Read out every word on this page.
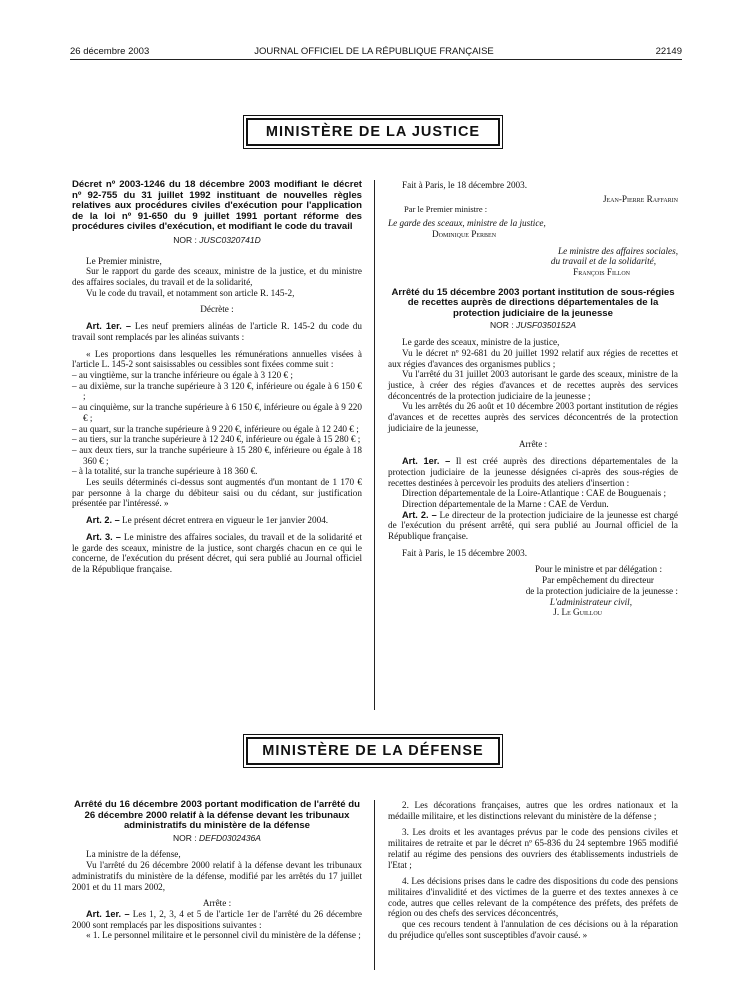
26 décembre 2003	JOURNAL OFFICIEL DE LA RÉPUBLIQUE FRANÇAISE	22149
MINISTÈRE DE LA JUSTICE

Décret nº 2003-1246 du 18 décembre 2003 modifiant le décret nº 92-755 du 31 juillet 1992 instituant de nouvelles règles relatives aux procédures civiles d'exécution pour l'application de la loi nº 91-650 du 9 juillet 1991 portant réforme des procédures civiles d'exécution, et modifiant le code du travail

NOR : JUSC0320741D

Le Premier ministre,

Sur le rapport du garde des sceaux, ministre de la justice, et du ministre des affaires sociales, du travail et de la solidarité,

Vu le code du travail, et notamment son article R. 145-2,

Décrète :

Art. 1er. – Les neuf premiers alinéas de l'article R. 145-2 du code du travail sont remplacés par les alinéas suivants :

« Les proportions dans lesquelles les rémunérations annuelles visées à l'article L. 145-2 sont saisissables ou cessibles sont fixées comme suit :

– au vingtième, sur la tranche inférieure ou égale à 3 120 € ;

– au dixième, sur la tranche supérieure à 3 120 €, inférieure ou égale à 6 150 € ;

– au cinquième, sur la tranche supérieure à 6 150 €, inférieure ou égale à 9 220 € ;

– au quart, sur la tranche supérieure à 9 220 €, inférieure ou égale à 12 240 € ;

– au tiers, sur la tranche supérieure à 12 240 €, inférieure ou égale à 15 280 € ;

– aux deux tiers, sur la tranche supérieure à 15 280 €, inférieure ou égale à 18 360 € ;

– à la totalité, sur la tranche supérieure à 18 360 €.

Les seuils déterminés ci-dessus sont augmentés d'un montant de 1 170 € par personne à la charge du débiteur saisi ou du cédant, sur justification présentée par l'intéressé. »

Art. 2. – Le présent décret entrera en vigueur le 1er janvier 2004.

Art. 3. – Le ministre des affaires sociales, du travail et de la solidarité et le garde des sceaux, ministre de la justice, sont chargés chacun en ce qui le concerne, de l'exécution du présent décret, qui sera publié au Journal officiel de la République française.

Fait à Paris, le 18 décembre 2003.

Jean-Pierre Raffarin

Par le Premier ministre :

Le garde des sceaux, ministre de la justice,

Dominique Perben

Le ministre des affaires sociales,

du travail et de la solidarité,

François Fillon

Arrêté du 15 décembre 2003 portant institution de sous-régies de recettes auprès de directions départementales de la protection judiciaire de la jeunesse

NOR : JUSF0350152A

Le garde des sceaux, ministre de la justice,

Vu le décret nº 92-681 du 20 juillet 1992 relatif aux régies de recettes et aux régies d'avances des organismes publics ;

Vu l'arrêté du 31 juillet 2003 autorisant le garde des sceaux, ministre de la justice, à créer des régies d'avances et de recettes auprès des services déconcentrés de la protection judiciaire de la jeunesse ;

Vu les arrêtés du 26 août et 10 décembre 2003 portant institution de régies d'avances et de recettes auprès des services déconcentrés de la protection judiciaire de la jeunesse,

Arrête :

Art. 1er. – Il est créé auprès des directions départementales de la protection judiciaire de la jeunesse désignées ci-après des sous-régies de recettes destinées à percevoir les produits des ateliers d'insertion :

Direction départementale de la Loire-Atlantique : CAE de Bouguenais ;

Direction départementale de la Marne : CAE de Verdun.

Art. 2. – Le directeur de la protection judiciaire de la jeunesse est chargé de l'exécution du présent arrêté, qui sera publié au Journal officiel de la République française.

Fait à Paris, le 15 décembre 2003.

Pour le ministre et par délégation :

Par empêchement du directeur

de la protection judiciaire de la jeunesse :

L'administrateur civil,

J. Le Guillou

MINISTÈRE DE LA DÉFENSE

Arrêté du 16 décembre 2003 portant modification de l'arrêté du 26 décembre 2000 relatif à la défense devant les tribunaux administratifs du ministère de la défense

NOR : DEFD0302436A

La ministre de la défense,

Vu l'arrêté du 26 décembre 2000 relatif à la défense devant les tribunaux administratifs du ministère de la défense, modifié par les arrêtés du 17 juillet 2001 et du 11 mars 2002,

Arrête :

Art. 1er. – Les 1, 2, 3, 4 et 5 de l'article 1er de l'arrêté du 26 décembre 2000 sont remplacés par les dispositions suivantes :

« 1. Le personnel militaire et le personnel civil du ministère de la défense ;

2. Les décorations françaises, autres que les ordres nationaux et la médaille militaire, et les distinctions relevant du ministère de la défense ;

3. Les droits et les avantages prévus par le code des pensions civiles et militaires de retraite et par le décret nº 65-836 du 24 septembre 1965 modifié relatif au régime des pensions des ouvriers des établissements industriels de l'Etat ;

4. Les décisions prises dans le cadre des dispositions du code des pensions militaires d'invalidité et des victimes de la guerre et des textes annexes à ce code, autres que celles relevant de la compétence des préfets, des préfets de région ou des chefs des services déconcentrés,

que ces recours tendent à l'annulation de ces décisions ou à la réparation du préjudice qu'elles sont susceptibles d'avoir causé. »
